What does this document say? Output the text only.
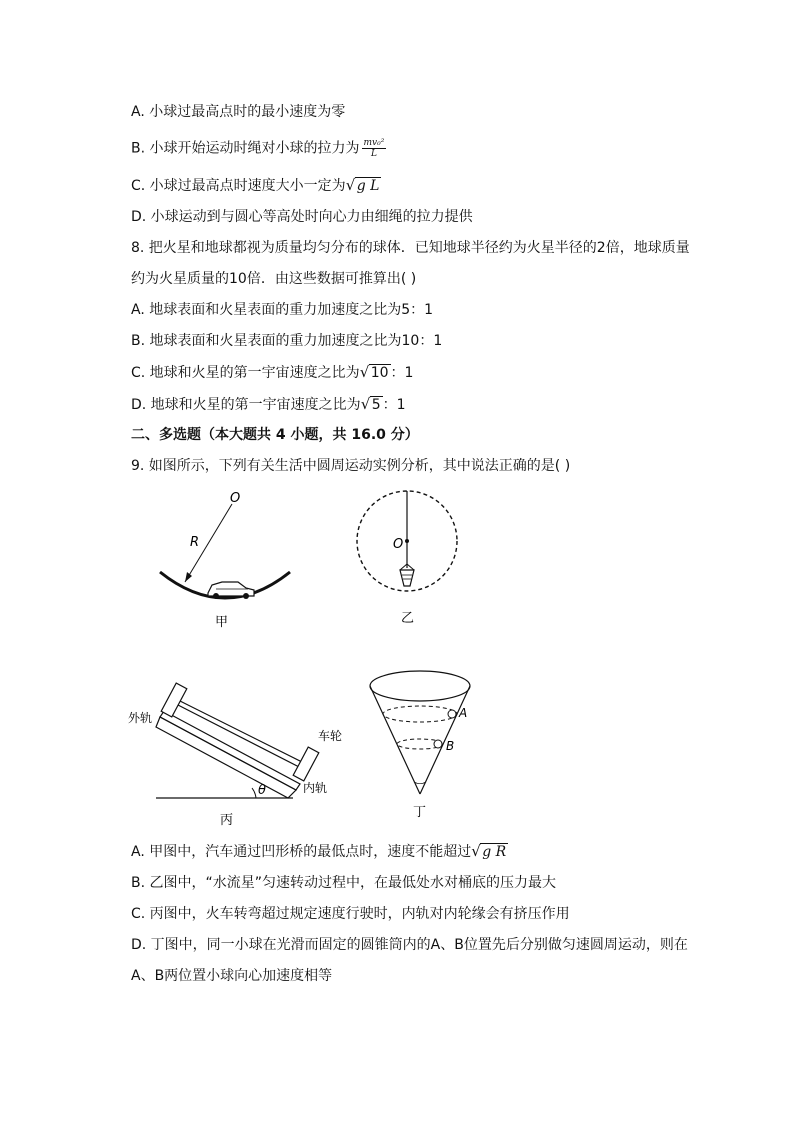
A. 小球过最高点时的最小速度为零
B. 小球开始运动时绳对小球的拉力为 $\frac{\text{mv₀²}}{L}$
C. 小球过最高点时速度大小一定为 √ g L
D. 小球运动到与圆心等高处时向心力由细绳的拉力提供
8. 把火星和地球都视为质量均匀分布的球体．已知地球半径约为火星半径的2倍，地球质量
约为火星质量的10倍．由这些数据可推算出( )
A. 地球表面和火星表面的重力加速度之比为5：1
B. 地球表面和火星表面的重力加速度之比为10：1
C. 地球和火星的第一宇宙速度之比为 √ 10 ：1
D. 地球和火星的第一宇宙速度之比为 √ 5 ：1
二、多选题（本大题共 4 小题，共 16.0 分）
9. 如图所示，下列有关生活中圆周运动实例分析，其中说法正确的是( )
O
R
甲
O
乙
外轨
车轮
内轨
θ
丙
A
B
丁
A. 甲图中，汽车通过凹形桥的最低点时，速度不能超过 √ g R
B. 乙图中，“水流星”匀速转动过程中，在最低处水对桶底的压力最大
C. 丙图中，火车转弯超过规定速度行驶时，内轨对内轮缘会有挤压作用
D. 丁图中，同一小球在光滑而固定的圆锥筒内的A、B位置先后分别做匀速圆周运动，则在
A、B两位置小球向心加速度相等
